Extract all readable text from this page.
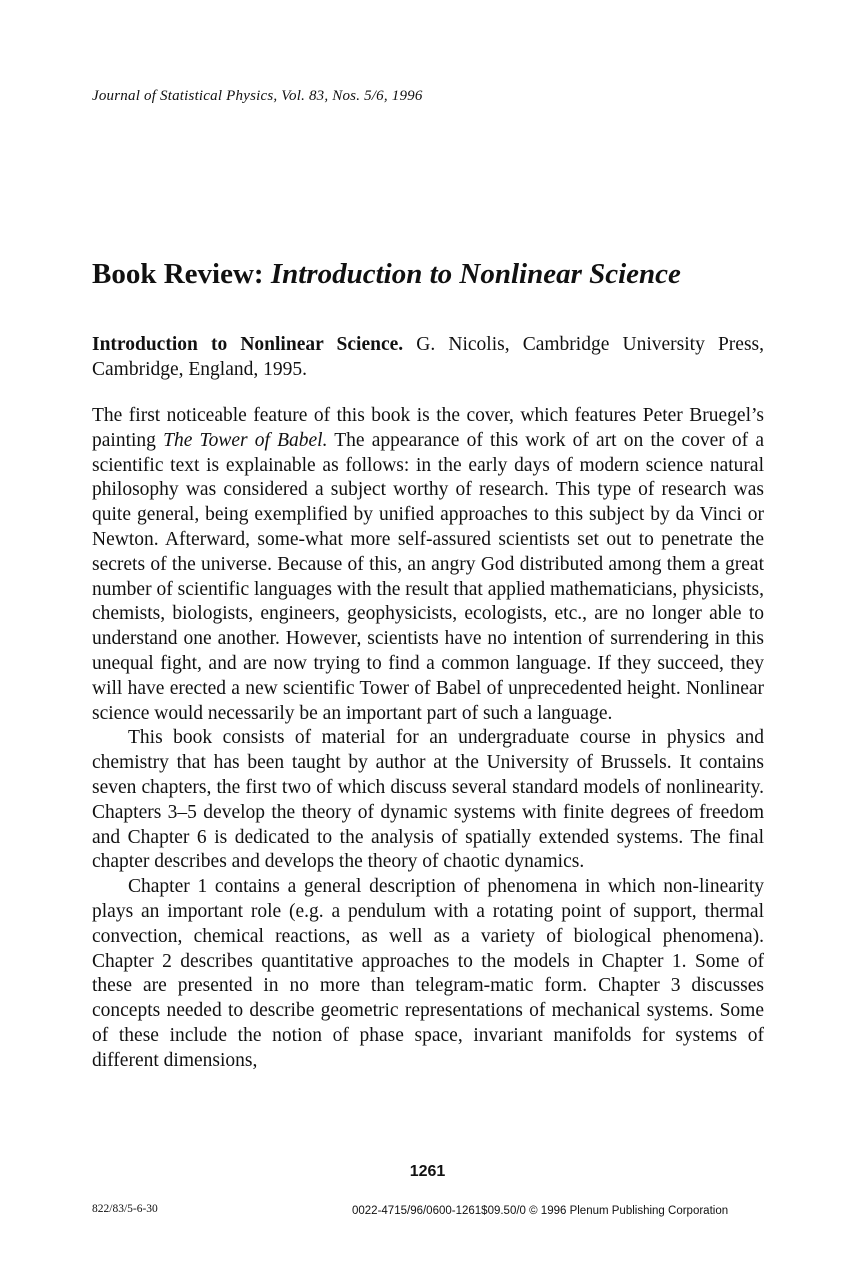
Journal of Statistical Physics, Vol. 83, Nos. 5/6, 1996
Book Review: Introduction to Nonlinear Science

Introduction to Nonlinear Science. G. Nicolis, Cambridge University Press, Cambridge, England, 1995.

The first noticeable feature of this book is the cover, which features Peter Bruegel’s painting The Tower of Babel. The appearance of this work of art on the cover of a scientific text is explainable as follows: in the early days of modern science natural philosophy was considered a subject worthy of research. This type of research was quite general, being exemplified by unified approaches to this subject by da Vinci or Newton. Afterward, some-what more self-assured scientists set out to penetrate the secrets of the universe. Because of this, an angry God distributed among them a great number of scientific languages with the result that applied mathematicians, physicists, chemists, biologists, engineers, geophysicists, ecologists, etc., are no longer able to understand one another. However, scientists have no intention of surrendering in this unequal fight, and are now trying to find a common language. If they succeed, they will have erected a new scientific Tower of Babel of unprecedented height. Nonlinear science would necessarily be an important part of such a language.

This book consists of material for an undergraduate course in physics and chemistry that has been taught by author at the University of Brussels. It contains seven chapters, the first two of which discuss several standard models of nonlinearity. Chapters 3–5 develop the theory of dynamic systems with finite degrees of freedom and Chapter 6 is dedicated to the analysis of spatially extended systems. The final chapter describes and develops the theory of chaotic dynamics.

Chapter 1 contains a general description of phenomena in which non-linearity plays an important role (e.g. a pendulum with a rotating point of support, thermal convection, chemical reactions, as well as a variety of biological phenomena). Chapter 2 describes quantitative approaches to the models in Chapter 1. Some of these are presented in no more than telegram-matic form. Chapter 3 discusses concepts needed to describe geometric representations of mechanical systems. Some of these include the notion of phase space, invariant manifolds for systems of different dimensions,

1261
822/83/5-6-30	0022-4715/96/0600-1261$09.50/0 © 1996 Plenum Publishing Corporation
